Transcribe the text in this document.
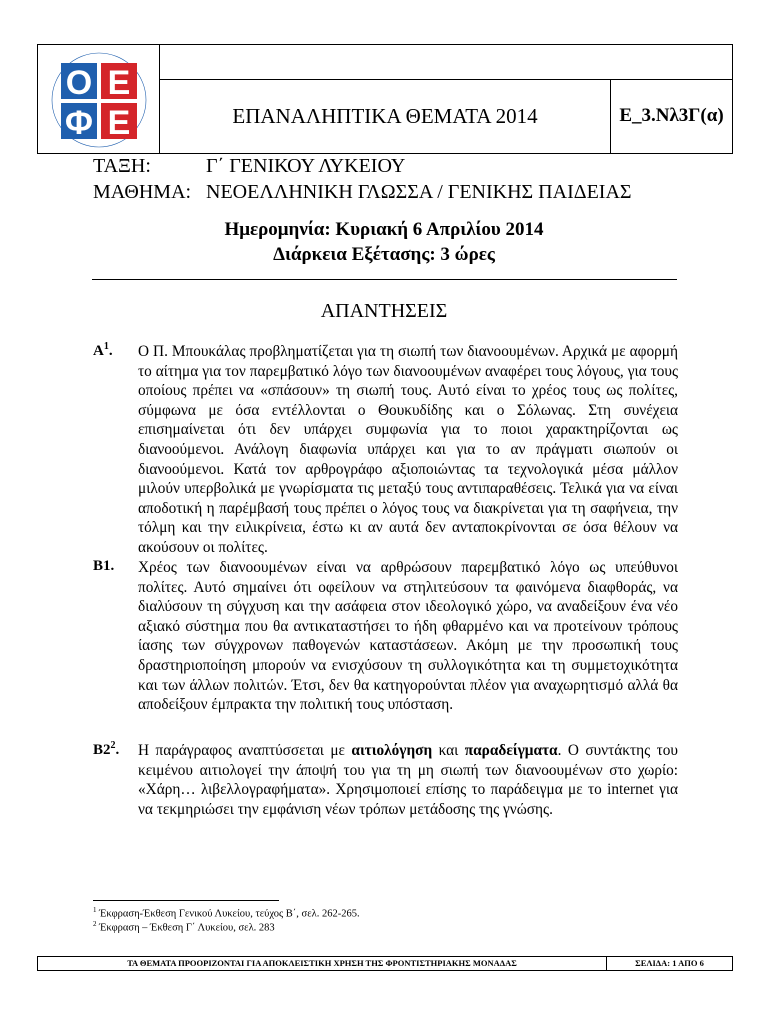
Ο Ε
Φ Ε	ΕΠΑΝΑΛΗΠΤΙΚΑ ΘΕΜΑΤΑ 2014	Ε_3.Νλ3Γ(α)
ΤΑΞΗ:	Γ΄ ΓΕΝΙΚΟΥ ΛΥΚΕΙΟΥ
ΜΑΘΗΜΑ: ΝΕΟΕΛΛΗΝΙΚΗ ΓΛΩΣΣΑ / ΓΕΝΙΚΗΣ ΠΑΙΔΕΙΑΣ
Ημερομηνία: Κυριακή 6 Απριλίου 2014
Διάρκεια Εξέτασης: 3 ώρες
ΑΠΑΝΤΗΣΕΙΣ
$A^1$. Ο Π. Μπουκάλας προβληματίζεται για τη σιωπή των διανοουμένων. Αρχικά με αφορμή το αίτημα για τον παρεμβατικό λόγο των διανοουμένων αναφέρει τους λόγους, για τους οποίους πρέπει να «σπάσουν» τη σιωπή τους. Αυτό είναι το χρέος τους ως πολίτες, σύμφωνα με όσα εντέλλονται ο Θουκυδίδης και ο Σόλωνας. Στη συνέχεια επισημαίνεται ότι δεν υπάρχει συμφωνία για το ποιοι χαρακτηρίζονται ως διανοούμενοι. Ανάλογη διαφωνία υπάρχει και για το αν πράγματι σιωπούν οι διανοούμενοι. Κατά τον αρθρογράφο αξιοποιώντας τα τεχνολογικά μέσα μάλλον μιλούν υπερβολικά με γνωρίσματα τις μεταξύ τους αντιπαραθέσεις. Τελικά για να είναι αποδοτική η παρέμβασή τους πρέπει ο λόγος τους να διακρίνεται για τη σαφήνεια, την τόλμη και την ειλικρίνεια, έστω κι αν αυτά δεν ανταποκρίνονται σε όσα θέλουν να ακούσουν οι πολίτες.
Β1. Χρέος των διανοουμένων είναι να αρθρώσουν παρεμβατικό λόγο ως υπεύθυνοι πολίτες. Αυτό σημαίνει ότι οφείλουν να στηλιτεύσουν τα φαινόμενα διαφθοράς, να διαλύσουν τη σύγχυση και την ασάφεια στον ιδεολογικό χώρο, να αναδείξουν ένα νέο αξιακό σύστημα που θα αντικαταστήσει το ήδη φθαρμένο και να προτείνουν τρόπους ίασης των σύγχρονων παθογενών καταστάσεων. Ακόμη με την προσωπική τους δραστηριοποίηση μπορούν να ενισχύσουν τη συλλογικότητα και τη συμμετοχικότητα και των άλλων πολιτών. Έτσι, δεν θα κατηγορούνται πλέον για αναχωρητισμό αλλά θα αποδείξουν έμπρακτα την πολιτική τους υπόσταση.
$B2^2$. Η παράγραφος αναπτύσσεται με αιτιολόγηση και παραδείγματα. Ο συντάκτης του κειμένου αιτιολογεί την άποψή του για τη μη σιωπή των διανοουμένων στο χωρίο: «Χάρη… λιβελλογραφήματα». Χρησιμοποιεί επίσης το παράδειγμα με το internet για να τεκμηριώσει την εμφάνιση νέων τρόπων μετάδοσης της γνώσης.
$^1$ Έκφραση-Έκθεση Γενικού Λυκείου, τεύχος Β΄, σελ. 262-265.
$^2$ Έκφραση – Έκθεση Γ΄ Λυκείου, σελ. 283
ΤΑ ΘΕΜΑΤΑ ΠΡΟΟΡΙΖΟΝΤΑΙ ΓΙΑ ΑΠΟΚΛΕΙΣΤΙΚΗ ΧΡΗΣΗ ΤΗΣ ΦΡΟΝΤΙΣΤΗΡΙΑΚΗΣ ΜΟΝΑΔΑΣ	ΣΕΛΙΔΑ: 1 ΑΠΟ 6
